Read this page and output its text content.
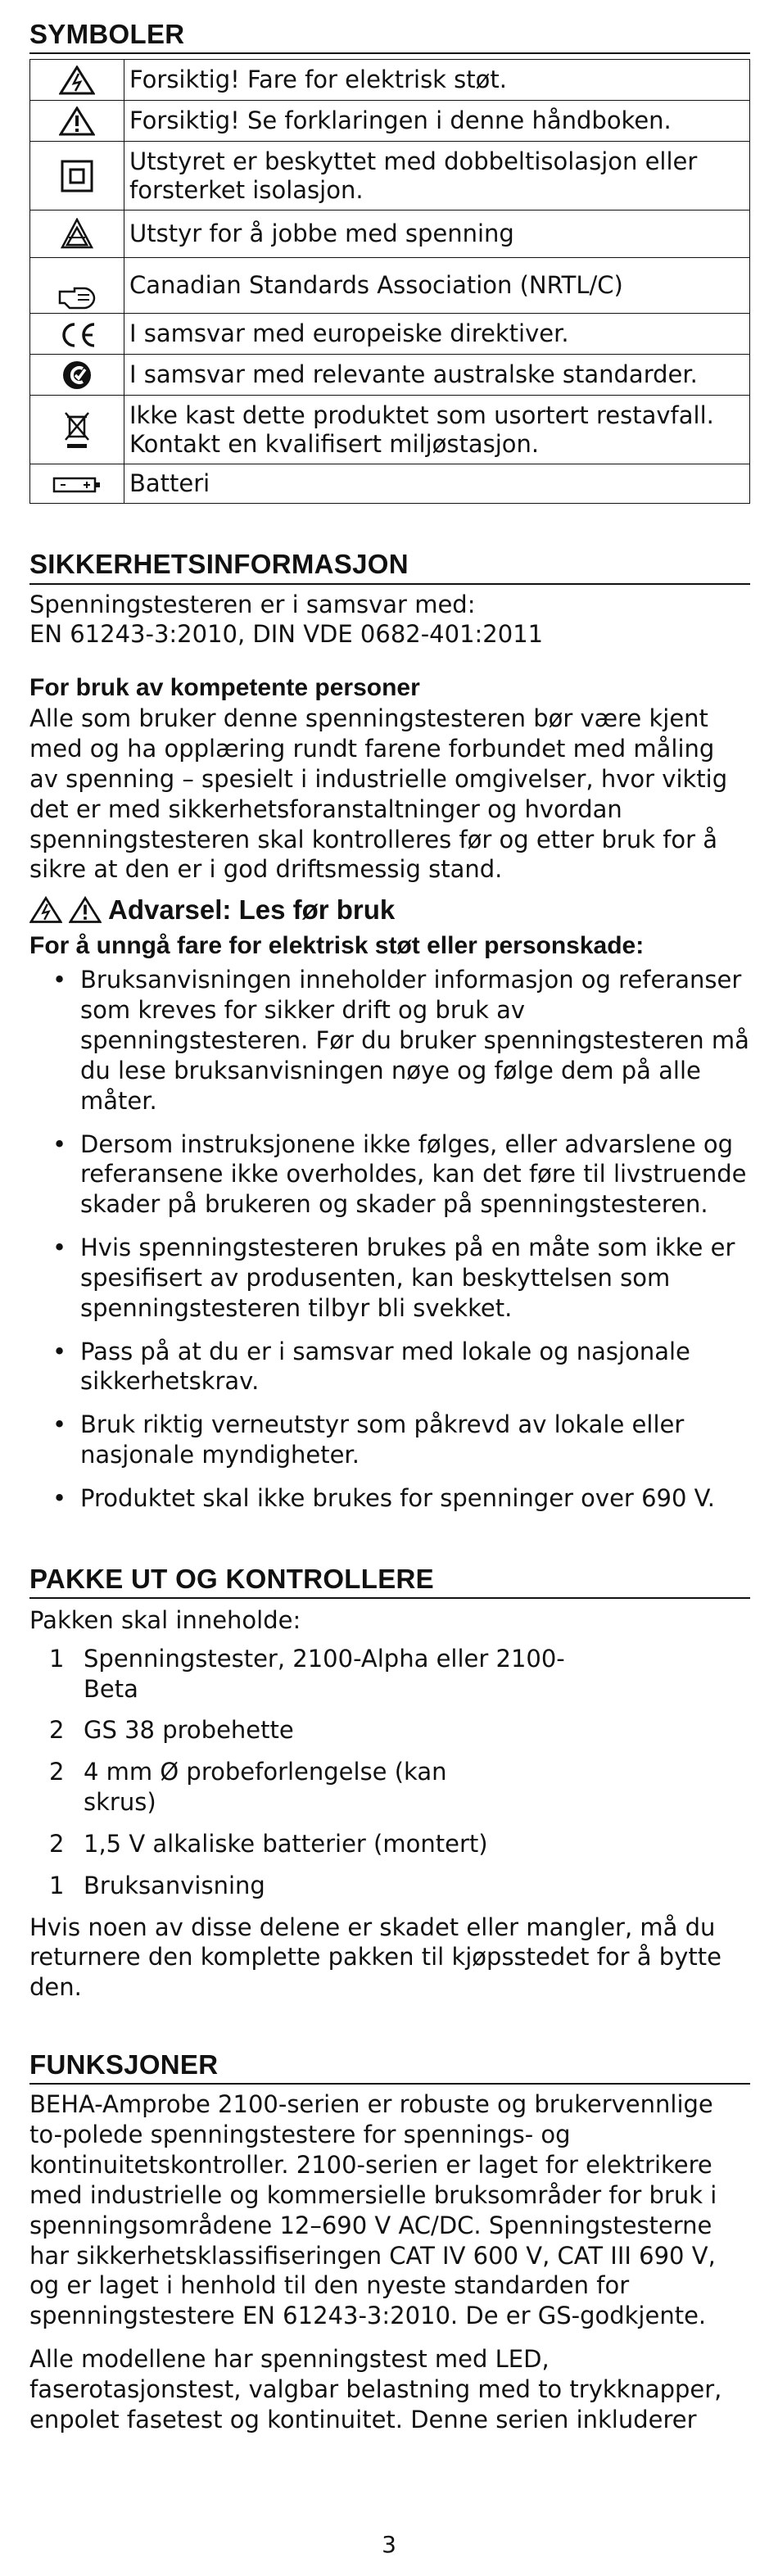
SYMBOLER
	Forsiktig! Fare for elektrisk støt.
	Forsiktig! Se forklaringen i denne håndboken.
	Utstyret er beskyttet med dobbeltisolasjon eller forsterket isolasjon.
	Utstyr for å jobbe med spenning
	Canadian Standards Association (NRTL/C)
	I samsvar med europeiske direktiver.
	I samsvar med relevante australske standarder.
	Ikke kast dette produktet som usortert restavfall. Kontakt en kvalifisert miljøstasjon.
	Batteri
SIKKERHETSINFORMASJON

Spenningstesteren er i samsvar med:

EN 61243-3:2010, DIN VDE 0682-401:2011

For bruk av kompetente personer

Alle som bruker denne spenningstesteren bør være kjent med og ha opplæring rundt farene forbundet med måling av spenning – spesielt i industrielle omgivelser, hvor viktig det er med sikkerhetsforanstaltninger og hvordan spenningstesteren skal kontrolleres før og etter bruk for å sikre at den er i god driftsmessig stand.

Advarsel: Les før bruk

For å unngå fare for elektrisk støt eller personskade:

• Bruksanvisningen inneholder informasjon og referanser som kreves for sikker drift og bruk av spenningstesteren. Før du bruker spenningstesteren må du lese bruksanvisningen nøye og følge dem på alle måter.
• Dersom instruksjonene ikke følges, eller advarslene og referansene ikke overholdes, kan det føre til livstruende skader på brukeren og skader på spenningstesteren.
• Hvis spenningstesteren brukes på en måte som ikke er spesifisert av produsenten, kan beskyttelsen som spenningstesteren tilbyr bli svekket.
• Pass på at du er i samsvar med lokale og nasjonale sikkerhetskrav.
• Bruk riktig verneutstyr som påkrevd av lokale eller nasjonale myndigheter.
• Produktet skal ikke brukes for spenninger over 690 V.
PAKKE UT OG KONTROLLERE

Pakken skal inneholde:

1 Spenningstester, 2100-Alpha eller 2100-Beta
2 GS 38 probehette
2 4 mm Ø probeforlengelse (kan skrus)
2 1,5 V alkaliske batterier (montert)
1 Bruksanvisning

Hvis noen av disse delene er skadet eller mangler, må du returnere den komplette pakken til kjøpsstedet for å bytte den.

FUNKSJONER

BEHA-Amprobe 2100-serien er robuste og brukervennlige to-polede spenningstestere for spennings- og kontinuitetskontroller. 2100-serien er laget for elektrikere med industrielle og kommersielle bruksområder for bruk i spenningsområdene 12–690 V AC/DC. Spenningstesterne har sikkerhetsklassifiseringen CAT IV 600 V, CAT III 690 V, og er laget i henhold til den nyeste standarden for spenningstestere EN 61243-3:2010. De er GS-godkjente.

Alle modellene har spenningstest med LED, faserotasjonstest, valgbar belastning med to trykknapper, enpolet fasetest og kontinuitet. Denne serien inkluderer

3
